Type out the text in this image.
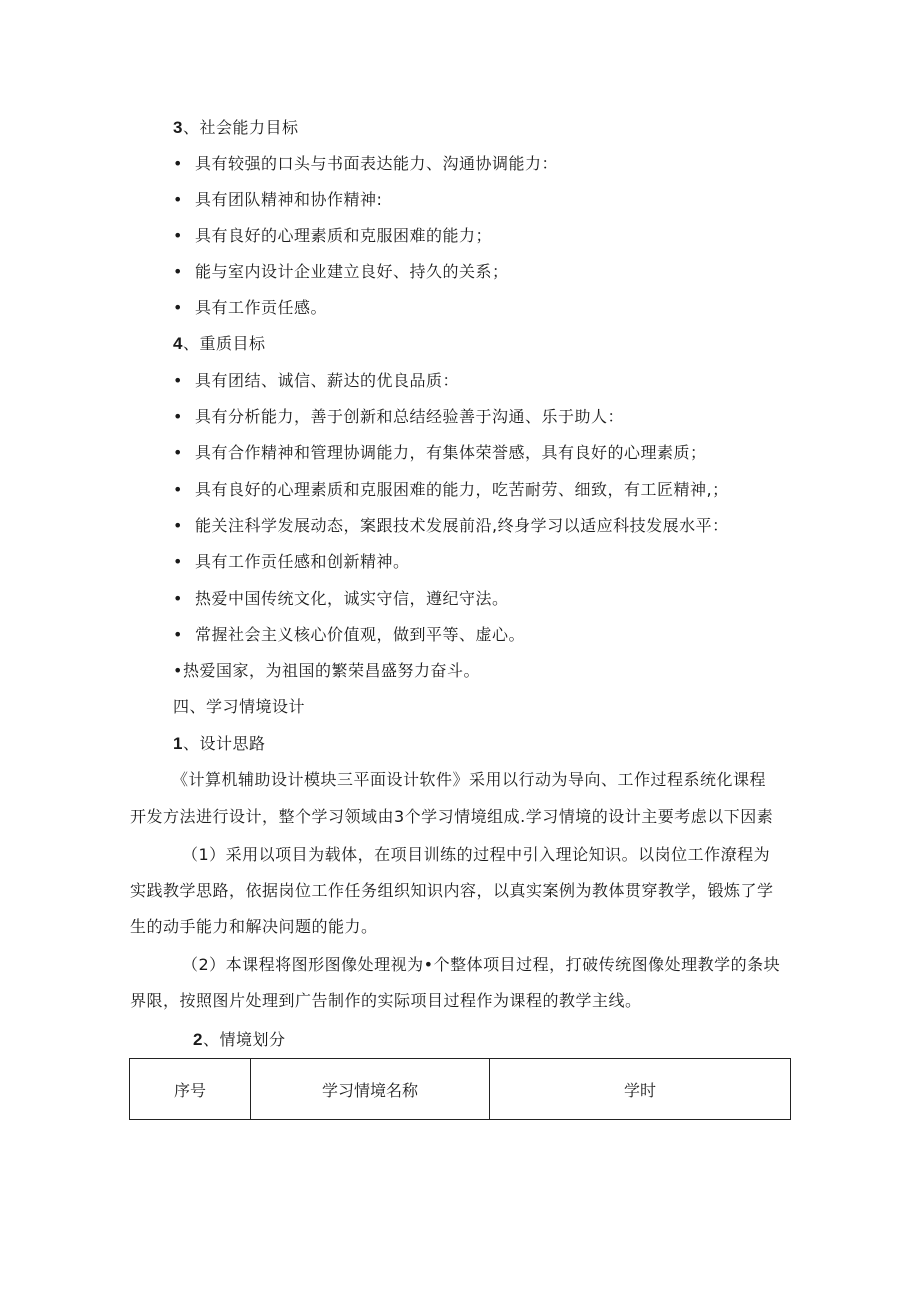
3、社会能力目标
• 具有较强的口头与书面表达能力、沟通协调能力：
• 具有团队精神和协作精神:
• 具有良好的心理素质和克服困难的能力；
• 能与室内设计企业建立良好、持久的关系；
• 具有工作贡任感。
4、重质目标
• 具有团结、诚信、薪达的优良品质：
• 具有分析能力，善于创新和总结经验善于沟通、乐于助人：
• 具有合作精神和管理协调能力，有集体荣誉感，具有良好的心理素质；
• 具有良好的心理素质和克服困难的能力，吃苦耐劳、细致，有工匠精神,；
• 能关注科学发展动态，案跟技术发展前沿,终身学习以适应科技发展水平：
• 具有工作贡任感和创新精神。
• 热爱中国传统文化，诚实守信，遵纪守法。
• 常握社会主义核心价值观，做到平等、虚心。
•热爱国家，为祖国的繁荣昌盛努力奋斗。
四、学习情境设计
1、设计思路
《计算机辅助设计模块三平面设计软件》采用以行动为导向、工作过程系统化课程
开发方法进行设计，整个学习领域由3个学习情境组成.学习情境的设计主要考虑以下因素
（1）采用以项目为载体，在项目训练的过程中引入理论知识。以岗位工作潦程为
实践教学思路，依据岗位工作任务组织知识内容，以真实案例为教体贯穿教学，锻炼了学
生的动手能力和解决问题的能力。
（2）本课程将图形图像处理视为•个整体项目过程，打破传统图像处理教学的条块
界限，按照图片处理到广告制作的实际项目过程作为课程的教学主线。
2、情境划分
序号	学习情境名称	学时
